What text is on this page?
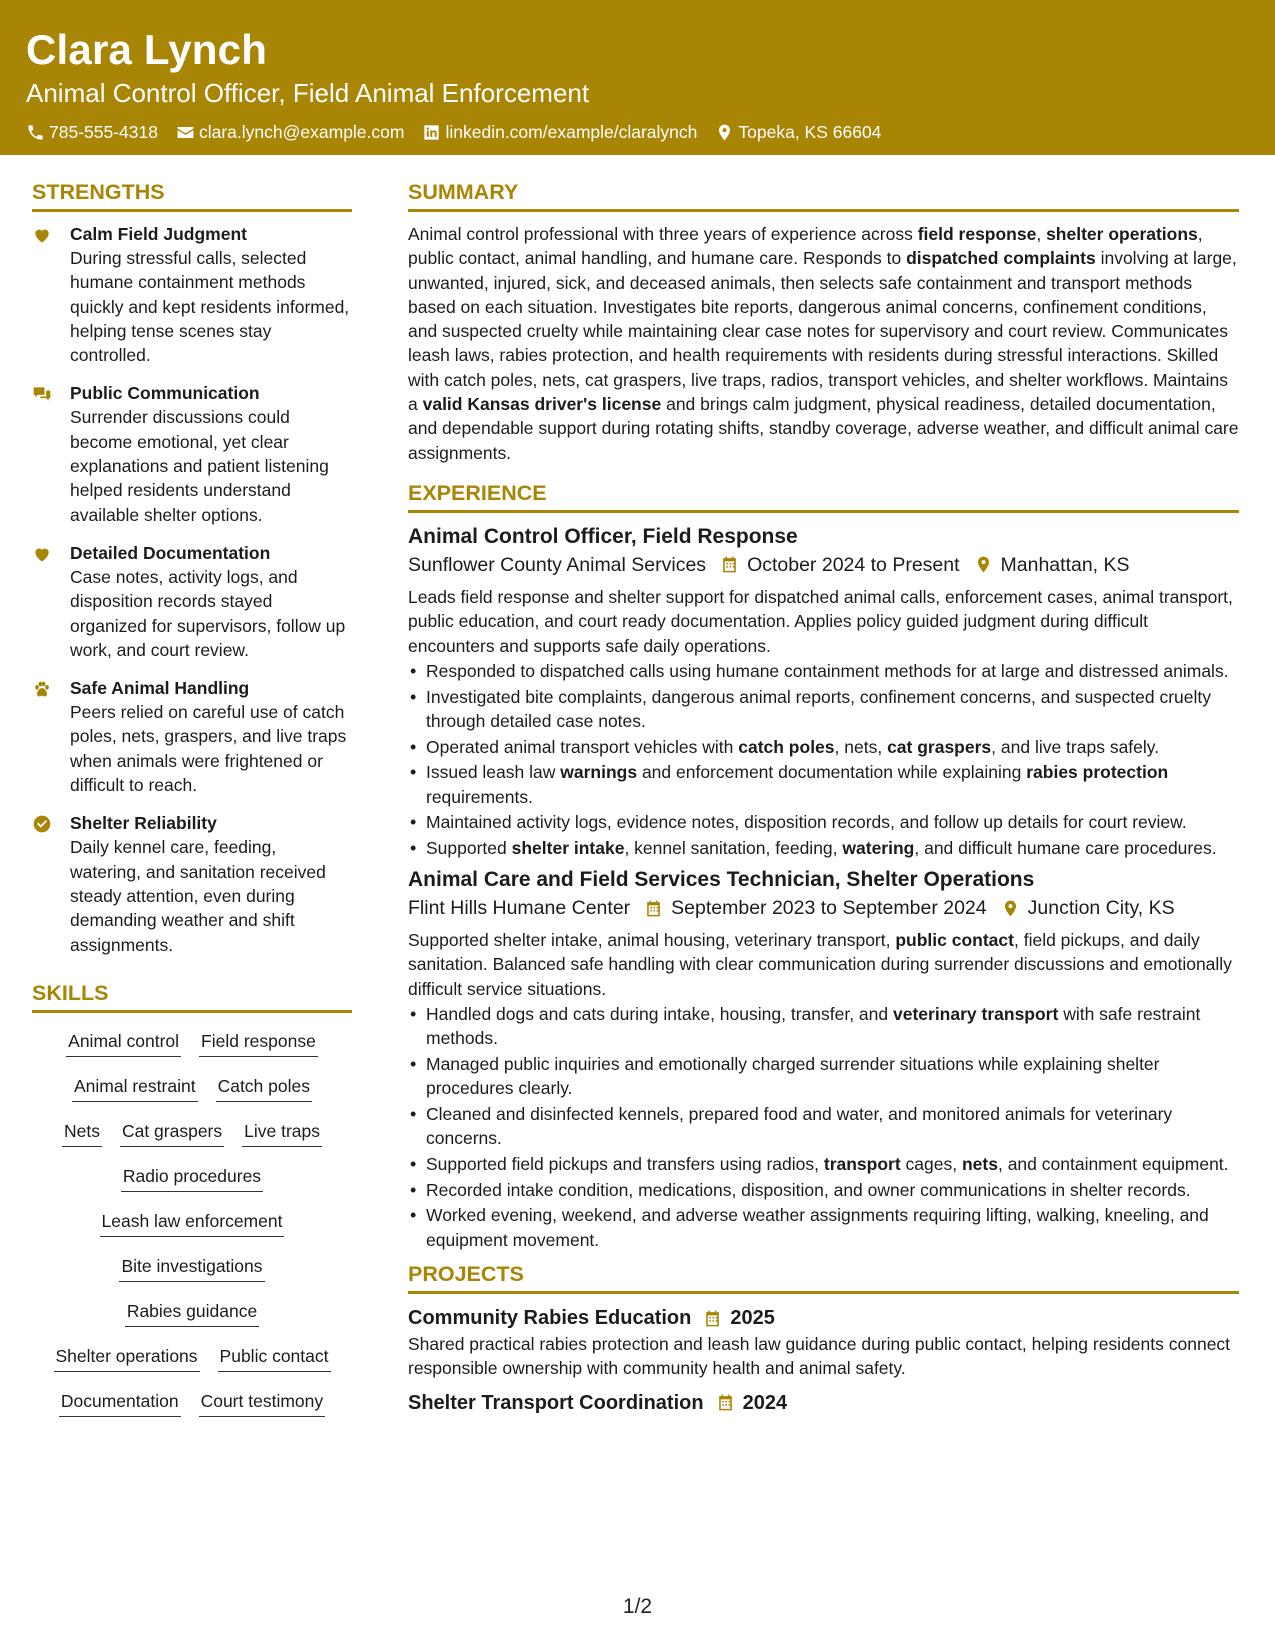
Clara Lynch
Animal Control Officer, Field Animal Enforcement
785-555-4318 clara.lynch@example.com linkedin.com/example/claralynch Topeka, KS 66604
STRENGTHS
Calm Field Judgment
During stressful calls, selected humane containment methods quickly and kept residents informed, helping tense scenes stay controlled.
Public Communication
Surrender discussions could become emotional, yet clear explanations and patient listening helped residents understand available shelter options.
Detailed Documentation
Case notes, activity logs, and disposition records stayed organized for supervisors, follow up work, and court review.
Safe Animal Handling
Peers relied on careful use of catch poles, nets, graspers, and live traps when animals were frightened or difficult to reach.
Shelter Reliability
Daily kennel care, feeding, watering, and sanitation received steady attention, even during demanding weather and shift assignments.
SKILLS
Animal control Field response
Animal restraint Catch poles
Nets Cat graspers Live traps
Radio procedures
Leash law enforcement
Bite investigations
Rabies guidance
Shelter operations Public contact
Documentation Court testimony
SUMMARY
Animal control professional with three years of experience across field response, shelter operations, public contact, animal handling, and humane care. Responds to dispatched complaints involving at large, unwanted, injured, sick, and deceased animals, then selects safe containment and transport methods based on each situation. Investigates bite reports, dangerous animal concerns, confinement conditions, and suspected cruelty while maintaining clear case notes for supervisory and court review. Communicates leash laws, rabies protection, and health requirements with residents during stressful interactions. Skilled with catch poles, nets, cat graspers, live traps, radios, transport vehicles, and shelter workflows. Maintains a valid Kansas driver's license and brings calm judgment, physical readiness, detailed documentation, and dependable support during rotating shifts, standby coverage, adverse weather, and difficult animal care assignments.
EXPERIENCE
Animal Control Officer, Field Response
Sunflower County Animal Services October 2024 to Present Manhattan, KS
Leads field response and shelter support for dispatched animal calls, enforcement cases, animal transport, public education, and court ready documentation. Applies policy guided judgment during difficult encounters and supports safe daily operations.
• Responded to dispatched calls using humane containment methods for at large and distressed animals.
• Investigated bite complaints, dangerous animal reports, confinement concerns, and suspected cruelty through detailed case notes.
• Operated animal transport vehicles with catch poles, nets, cat graspers, and live traps safely.
• Issued leash law warnings and enforcement documentation while explaining rabies protection requirements.
• Maintained activity logs, evidence notes, disposition records, and follow up details for court review.
• Supported shelter intake, kennel sanitation, feeding, watering, and difficult humane care procedures.
Animal Care and Field Services Technician, Shelter Operations
Flint Hills Humane Center September 2023 to September 2024 Junction City, KS
Supported shelter intake, animal housing, veterinary transport, public contact, field pickups, and daily sanitation. Balanced safe handling with clear communication during surrender discussions and emotionally difficult service situations.
• Handled dogs and cats during intake, housing, transfer, and veterinary transport with safe restraint methods.
• Managed public inquiries and emotionally charged surrender situations while explaining shelter procedures clearly.
• Cleaned and disinfected kennels, prepared food and water, and monitored animals for veterinary concerns.
• Supported field pickups and transfers using radios, transport cages, nets, and containment equipment.
• Recorded intake condition, medications, disposition, and owner communications in shelter records.
• Worked evening, weekend, and adverse weather assignments requiring lifting, walking, kneeling, and equipment movement.
PROJECTS
Community Rabies Education 2025
Shared practical rabies protection and leash law guidance during public contact, helping residents connect responsible ownership with community health and animal safety.
Shelter Transport Coordination 2024
1/2
